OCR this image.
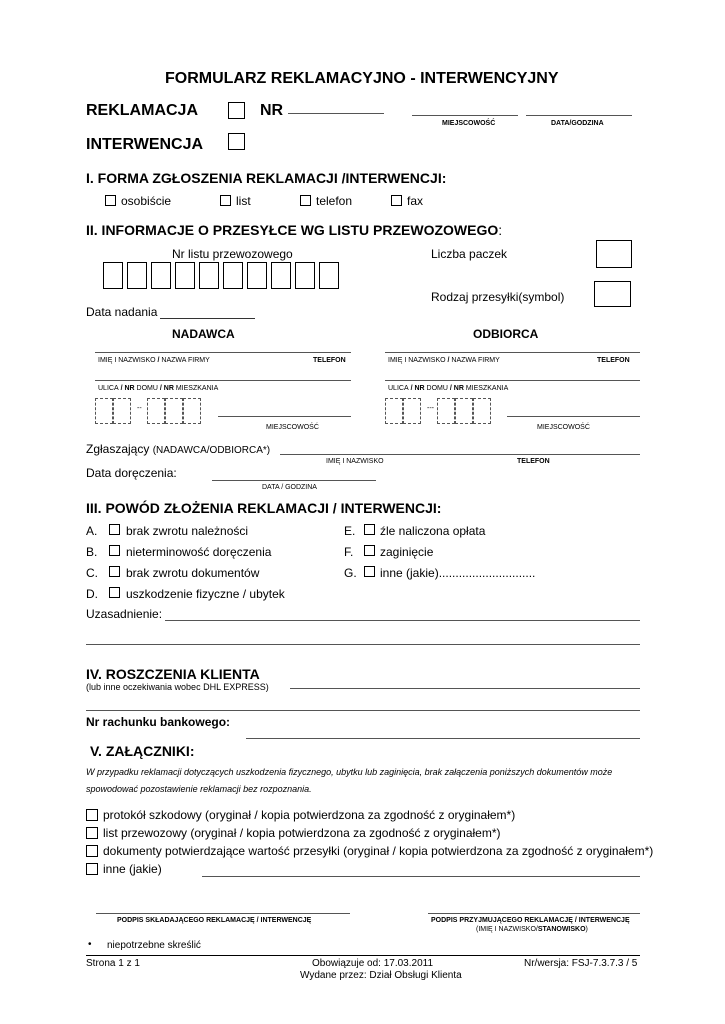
FORMULARZ REKLAMACYJNO - INTERWENCYJNY
REKLAMACJA	NR
MIEJSCOWOŚĆ	DATA/GODZINA
INTERWENCJA
I. FORMA ZGŁOSZENIA REKLAMACJI /INTERWENCJI:
osobiście	list	telefon	fax
II. INFORMACJE O PRZESYŁCE WG LISTU PRZEWOZOWEGO:
Nr listu przewozowego	Liczba paczek
Rodzaj przesyłki(symbol)
Data nadania
NADAWCA	ODBIORCA
IMIĘ I NAZWISKO / NAZWA FIRMY	TELEFON
ULICA / NR DOMU / NR MIESZKANIA
--
MIEJSCOWOŚĆ
IMIĘ I NAZWISKO / NAZWA FIRMY	TELEFON
ULICA / NR DOMU / NR MIESZKANIA
---
MIEJSCOWOŚĆ
Zgłaszający (NADAWCA/ODBIORCA*)
IMIĘ I NAZWISKO	TELEFON
Data doręczenia:
DATA / GODZINA
III. POWÓD ZŁOŻENIA REKLAMACJI / INTERWENCJI:
A. brak zwrotu należności
B. nieterminowość doręczenia
C. brak zwrotu dokumentów
D. uszkodzenie fizyczne / ubytek
E. źle naliczona opłata
F. zaginięcie
G. inne (jakie).............................
Uzasadnienie:
IV. ROSZCZENIA KLIENTA
(lub inne oczekiwania wobec DHL EXPRESS)
Nr rachunku bankowego:
V. ZAŁĄCZNIKI:
W przypadku reklamacji dotyczących uszkodzenia fizycznego, ubytku lub zaginięcia, brak załączenia poniższych dokumentów może
spowodować pozostawienie reklamacji bez rozpoznania.
protokół szkodowy (oryginał / kopia potwierdzona za zgodność z oryginałem*)
list przewozowy (oryginał / kopia potwierdzona za zgodność z oryginałem*)
dokumenty potwierdzające wartość przesyłki (oryginał / kopia potwierdzona za zgodność z oryginałem*)
inne (jakie)
PODPIS SKŁADAJĄCEGO REKLAMACJĘ / INTERWENCJĘ	PODPIS PRZYJMUJĄCEGO REKLAMACJĘ / INTERWENCJĘ
(IMIĘ I NAZWISKO/STANOWISKO)
• niepotrzebne skreślić
Strona 1 z 1	Obowiązuje od: 17.03.2011
Wydane przez: Dział Obsługi Klienta
Nr/wersja: FSJ-7.3.7.3 / 5
